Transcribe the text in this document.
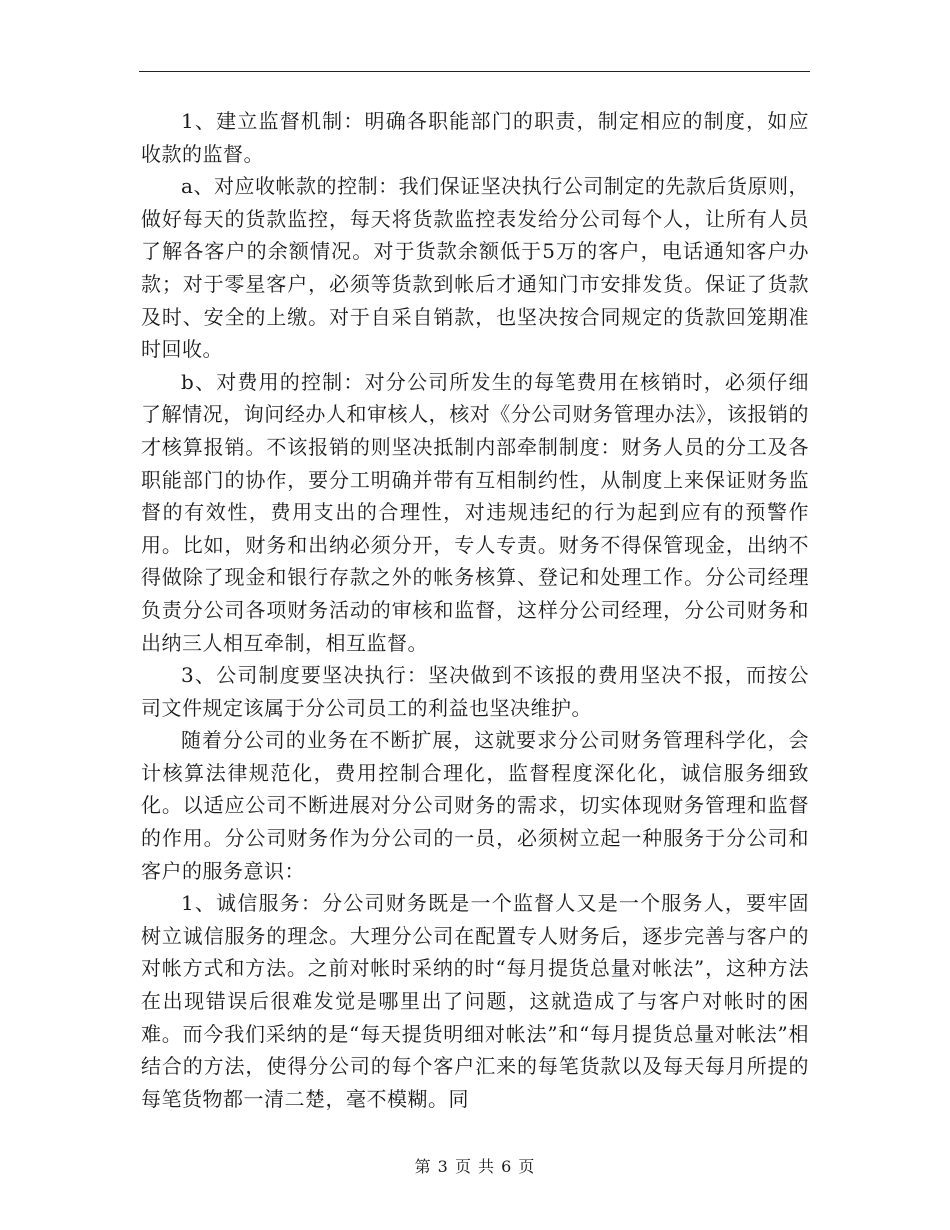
1、建立监督机制：明确各职能部门的职责，制定相应的制度，如应收款的监督。

a、对应收帐款的控制：我们保证坚决执行公司制定的先款后货原则，做好每天的货款监控，每天将货款监控表发给分公司每个人，让所有人员了解各客户的余额情况。对于货款余额低于5万的客户，电话通知客户办款；对于零星客户，必须等货款到帐后才通知门市安排发货。保证了货款及时、安全的上缴。对于自采自销款，也坚决按合同规定的货款回笼期准时回收。

b、对费用的控制：对分公司所发生的每笔费用在核销时，必须仔细了解情况，询问经办人和审核人，核对《分公司财务管理办法》，该报销的才核算报销。不该报销的则坚决抵制内部牵制制度：财务人员的分工及各职能部门的协作，要分工明确并带有互相制约性，从制度上来保证财务监督的有效性，费用支出的合理性，对违规违纪的行为起到应有的预警作用。比如，财务和出纳必须分开，专人专责。财务不得保管现金，出纳不得做除了现金和银行存款之外的帐务核算、登记和处理工作。分公司经理负责分公司各项财务活动的审核和监督，这样分公司经理，分公司财务和出纳三人相互牵制，相互监督。

3、公司制度要坚决执行：坚决做到不该报的费用坚决不报，而按公司文件规定该属于分公司员工的利益也坚决维护。

随着分公司的业务在不断扩展，这就要求分公司财务管理科学化，会计核算法律规范化，费用控制合理化，监督程度深化化，诚信服务细致化。以适应公司不断进展对分公司财务的需求，切实体现财务管理和监督的作用。分公司财务作为分公司的一员，必须树立起一种服务于分公司和客户的服务意识：

1、诚信服务：分公司财务既是一个监督人又是一个服务人，要牢固树立诚信服务的理念。大理分公司在配置专人财务后，逐步完善与客户的对帐方式和方法。之前对帐时采纳的时“每月提货总量对帐法”，这种方法在出现错误后很难发觉是哪里出了问题，这就造成了与客户对帐时的困难。而今我们采纳的是“每天提货明细对帐法”和“每月提货总量对帐法”相结合的方法，使得分公司的每个客户汇来的每笔货款以及每天每月所提的每笔货物都一清二楚，毫不模糊。同

第 3 页 共 6 页
